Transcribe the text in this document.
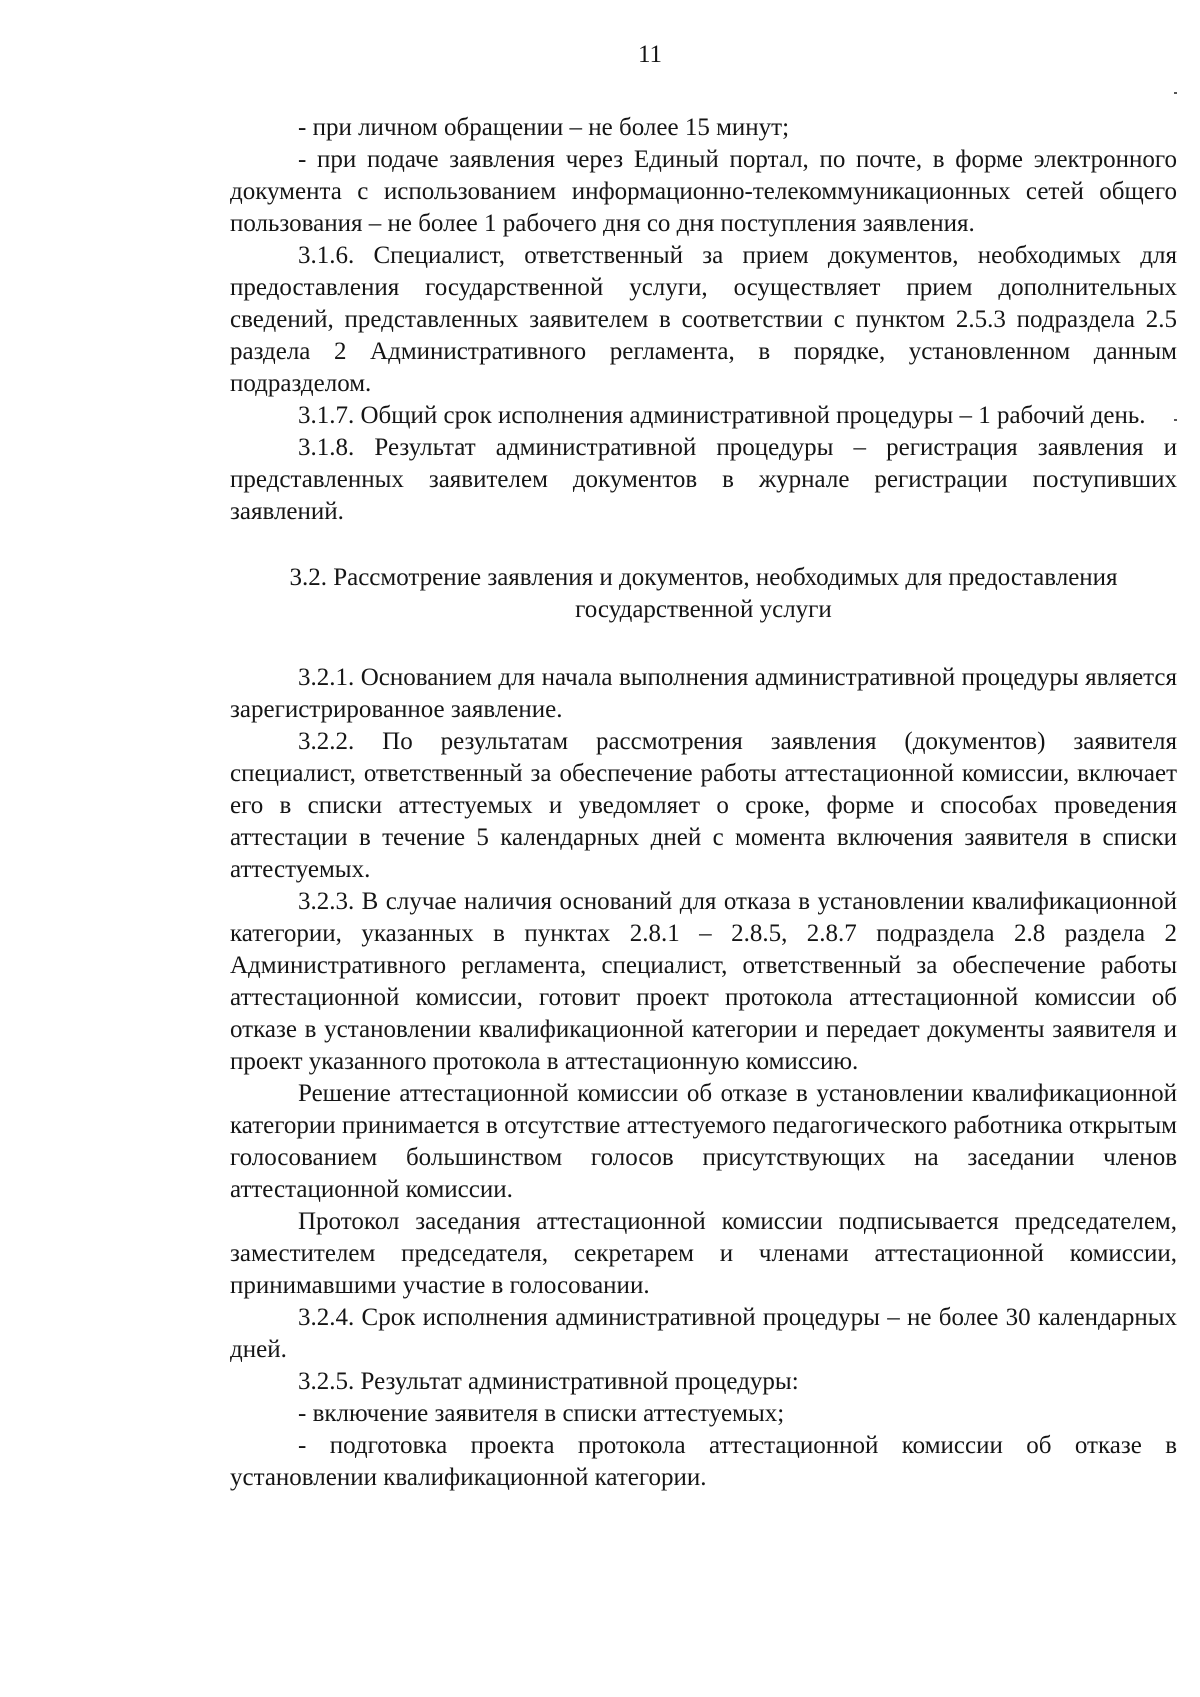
11

- при личном обращении – не более 15 минут;

- при подаче заявления через Единый портал, по почте, в форме электронного документа с использованием информационно-телекоммуникационных сетей общего пользования – не более 1 рабочего дня со дня поступления заявления.

3.1.6. Специалист, ответственный за прием документов, необходимых для предоставления государственной услуги, осуществляет прием дополнительных сведений, представленных заявителем в соответствии с пунктом 2.5.3 подраздела 2.5 раздела 2 Административного регламента, в порядке, установленном данным подразделом.

3.1.7. Общий срок исполнения административной процедуры – 1 рабочий день.

3.1.8. Результат административной процедуры – регистрация заявления и представленных заявителем документов в журнале регистрации поступивших заявлений.

3.2. Рассмотрение заявления и документов, необходимых для предоставления

государственной услуги

3.2.1. Основанием для начала выполнения административной процедуры является зарегистрированное заявление.

3.2.2. По результатам рассмотрения заявления (документов) заявителя специалист, ответственный за обеспечение работы аттестационной комиссии, включает его в списки аттестуемых и уведомляет о сроке, форме и способах проведения аттестации в течение 5 календарных дней с момента включения заявителя в списки аттестуемых.

3.2.3. В случае наличия оснований для отказа в установлении квалификационной категории, указанных в пунктах 2.8.1 – 2.8.5, 2.8.7 подраздела 2.8 раздела 2 Административного регламента, специалист, ответственный за обеспечение работы аттестационной комиссии, готовит проект протокола аттестационной комиссии об отказе в установлении квалификационной категории и передает документы заявителя и проект указанного протокола в аттестационную комиссию.

Решение аттестационной комиссии об отказе в установлении квалификационной категории принимается в отсутствие аттестуемого педагогического работника открытым голосованием большинством голосов присутствующих на заседании членов аттестационной комиссии.

Протокол заседания аттестационной комиссии подписывается председателем, заместителем председателя, секретарем и членами аттестационной комиссии, принимавшими участие в голосовании.

3.2.4. Срок исполнения административной процедуры – не более 30 календарных дней.

3.2.5. Результат административной процедуры:

- включение заявителя в списки аттестуемых;

- подготовка проекта протокола аттестационной комиссии об отказе в установлении квалификационной категории.
